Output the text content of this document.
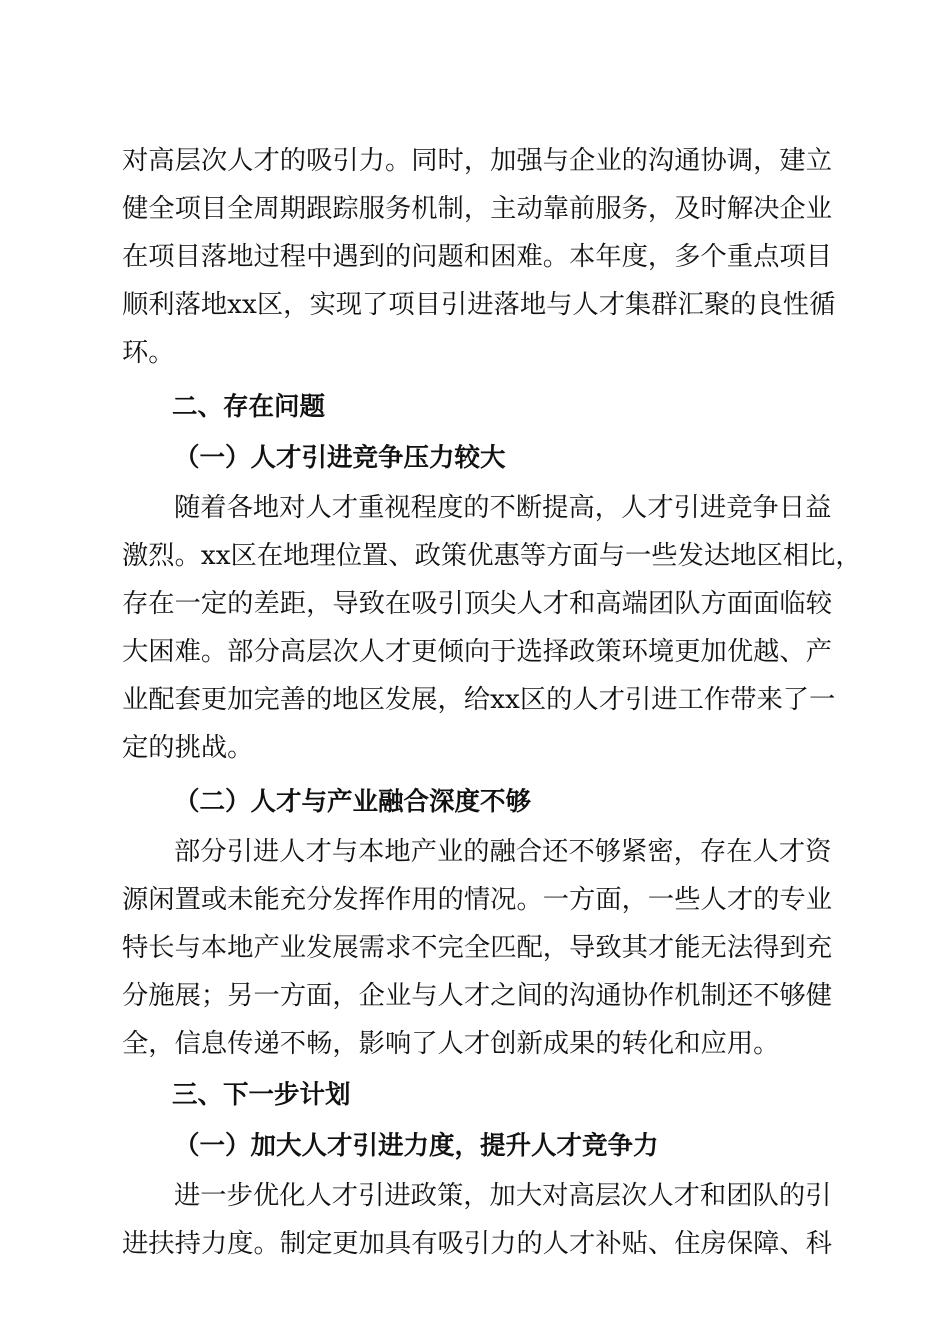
对高层次人才的吸引力。同时，加强与企业的沟通协调，建立
健全项目全周期跟踪服务机制，主动靠前服务，及时解决企业
在项目落地过程中遇到的问题和困难。本年度，多个重点项目
顺利落地xx区，实现了项目引进落地与人才集群汇聚的良性循
环。
二、存在问题
（一）人才引进竞争压力较大
随着各地对人才重视程度的不断提高，人才引进竞争日益
激烈。xx区在地理位置、政策优惠等方面与一些发达地区相比，
存在一定的差距，导致在吸引顶尖人才和高端团队方面面临较
大困难。部分高层次人才更倾向于选择政策环境更加优越、产
业配套更加完善的地区发展，给xx区的人才引进工作带来了一
定的挑战。
（二）人才与产业融合深度不够
部分引进人才与本地产业的融合还不够紧密，存在人才资
源闲置或未能充分发挥作用的情况。一方面，一些人才的专业
特长与本地产业发展需求不完全匹配，导致其才能无法得到充
分施展；另一方面，企业与人才之间的沟通协作机制还不够健
全，信息传递不畅，影响了人才创新成果的转化和应用。
三、下一步计划
（一）加大人才引进力度，提升人才竞争力
进一步优化人才引进政策，加大对高层次人才和团队的引
进扶持力度。制定更加具有吸引力的人才补贴、住房保障、科
